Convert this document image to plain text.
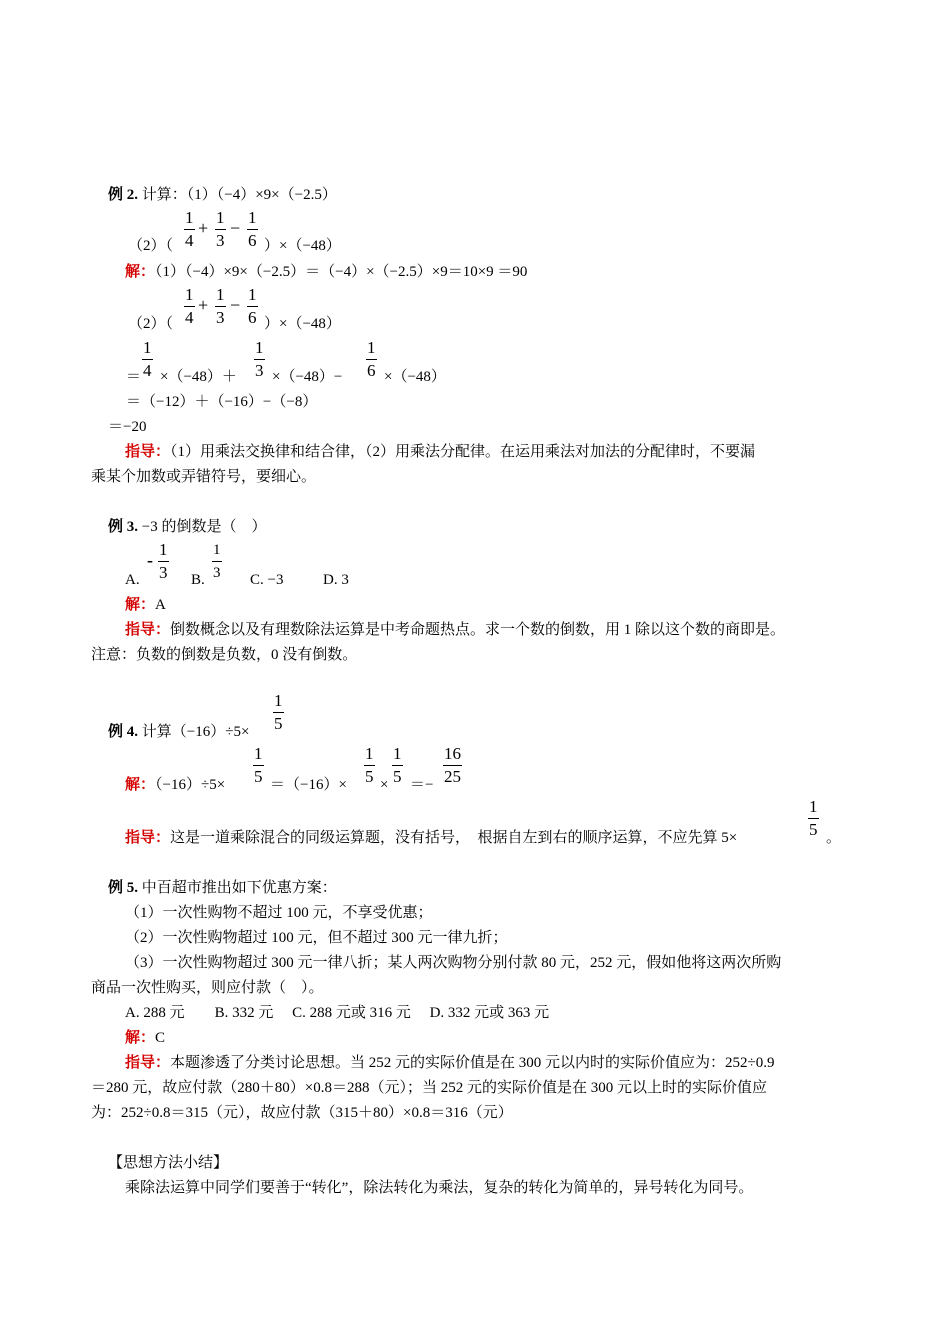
例 2. 计算：（1）（−4）×9×（−2.5）
1
4
+
1
3
−
1
6
（2）（	）×（−48）
解：（1）（−4）×9×（−2.5）＝（−4）×（−2.5）×9＝10×9 ＝90
1
4
+
1
3
−
1
6
（2）（	）×（−48）
＝
1
4 ×（−48）＋
1
3 ×（−48）−
1
6 ×（−48）
＝（−12）＋（−16）−（−8）
＝−20
指导：（1）用乘法交换律和结合律，（2）用乘法分配律。在运用乘法对加法的分配律时，不要漏
乘某个加数或弄错符号，要细心。
例 3. −3 的倒数是（　）
A.
-
1
3 B.
1
3 C. −3	D. 3
解：A
指导：倒数概念以及有理数除法运算是中考命题热点。求一个数的倒数，用 1 除以这个数的商即是。
注意：负数的倒数是负数，0 没有倒数。
例 4. 计算（−16）÷5×
1
5
解：（−16）÷5×
1
5 ＝（−16）×
1
5 ×
1
5 ＝−
16
25
指导：这是一道乘除混合的同级运算题，没有括号，　根据自左到右的顺序运算，不应先算 5×
1
5 。
例 5. 中百超市推出如下优惠方案：
（1）一次性购物不超过 100 元，不享受优惠；
（2）一次性购物超过 100 元，但不超过 300 元一律九折；
（3）一次性购物超过 300 元一律八折；某人两次购物分别付款 80 元，252 元，假如他将这两次所购
商品一次性购买，则应付款（　）。
A. 288 元　　B. 332 元　 C. 288 元或 316 元　 D. 332 元或 363 元
解：C
指导：本题渗透了分类讨论思想。当 252 元的实际价值是在 300 元以内时的实际价值应为：252÷0.9
＝280 元，故应付款（280＋80）×0.8＝288（元）；当 252 元的实际价值是在 300 元以上时的实际价值应
为：252÷0.8＝315（元），故应付款（315＋80）×0.8＝316（元）
【思想方法小结】
乘除法运算中同学们要善于“转化”，除法转化为乘法，复杂的转化为简单的，异号转化为同号。
